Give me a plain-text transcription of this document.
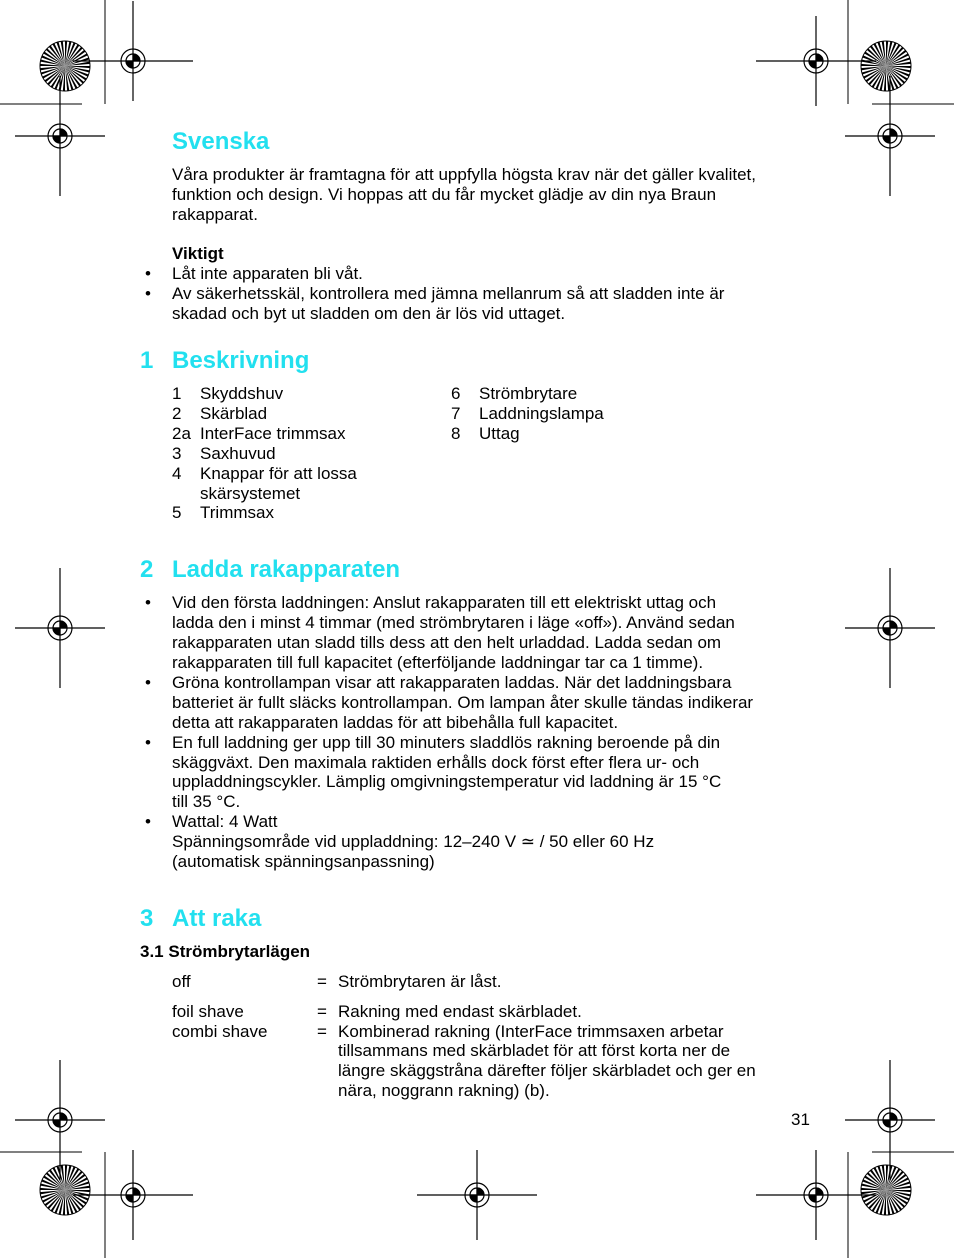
Svenska
Våra produkter är framtagna för att uppfylla högsta krav när det gäller kvalitet,
funktion och design. Vi hoppas att du får mycket glädje av din nya Braun
rakapparat.
Viktigt
• Låt inte apparaten bli våt.
• Av säkerhetsskäl, kontrollera med jämna mellanrum så att sladden inte är
skadad och byt ut sladden om den är lös vid uttaget.
1 Beskrivning
1 Skyddshuv
2 Skärblad
2a InterFace trimmsax
3 Saxhuvud
4 Knappar för att lossa
skärsystemet
5 Trimmsax
6 Strömbrytare
7 Laddningslampa
8 Uttag
2 Ladda rakapparaten
• Vid den första laddningen: Anslut rakapparaten till ett elektriskt uttag och
ladda den i minst 4 timmar (med strömbrytaren i läge «off»). Använd sedan
rakapparaten utan sladd tills dess att den helt urladdad. Ladda sedan om
rakapparaten till full kapacitet (efterföljande laddningar tar ca 1 timme).
• Gröna kontrollampan visar att rakapparaten laddas. När det laddningsbara
batteriet är fullt släcks kontrollampan. Om lampan åter skulle tändas indikerar
detta att rakapparaten laddas för att bibehålla full kapacitet.
• En full laddning ger upp till 30 minuters sladdlös rakning beroende på din
skäggväxt. Den maximala raktiden erhålls dock först efter flera ur- och
uppladdningscykler. Lämplig omgivningstemperatur vid laddning är 15 °C
till 35 °C.
• Wattal: 4 Watt
Spänningsområde vid uppladdning: 12–240 V ≃ / 50 eller 60 Hz
(automatisk spänningsanpassning)
3 Att raka
3.1 Strömbrytarlägen
off	= Strömbrytaren är låst.
foil shave	= Rakning med endast skärbladet.
combi shave	= Kombinerad rakning (InterFace trimmsaxen arbetar
tillsammans med skärbladet för att först korta ner de
längre skäggstråna därefter följer skärbladet och ger en
nära, noggrann rakning) (b).
31
